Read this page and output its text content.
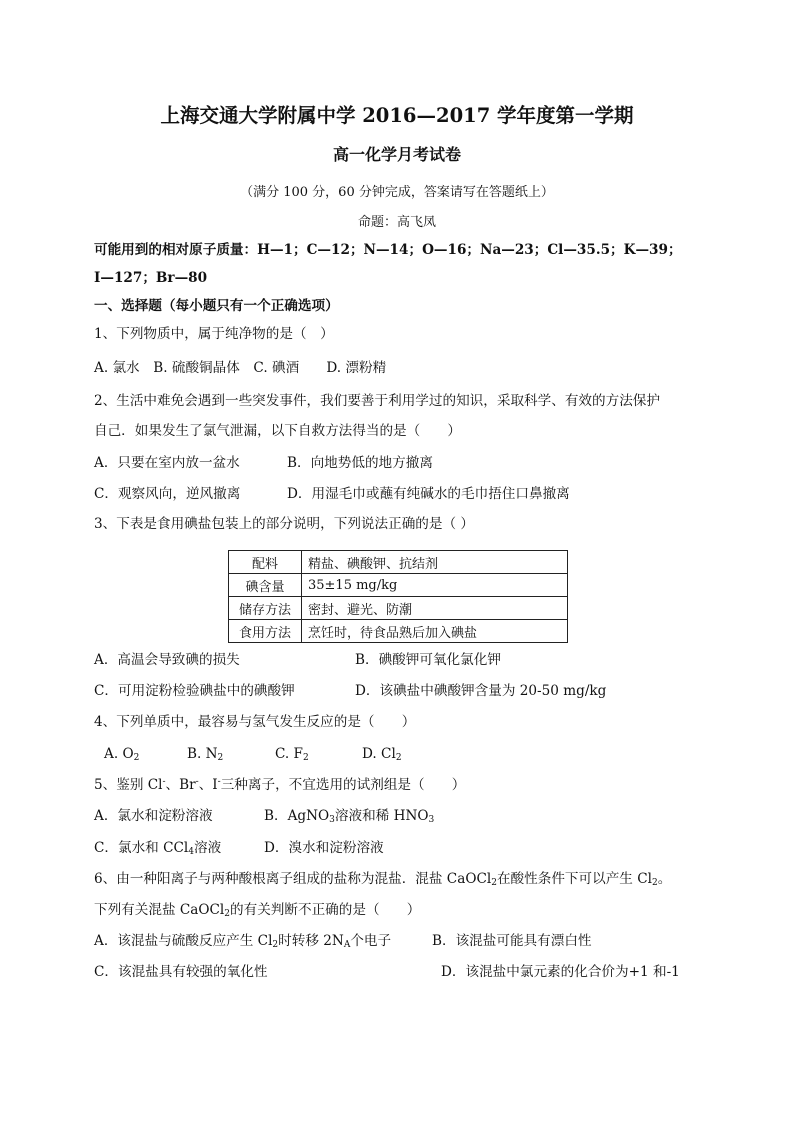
上海交通大学附属中学 2016—2017 学年度第一学期
高一化学月考试卷
（满分 100 分，60 分钟完成，答案请写在答题纸上）
命题：高飞凤
可能用到的相对原子质量：H—1；C—12；N—14；O—16；Na—23；Cl—35.5；K—39；
I—127；Br—80
一、选择题（每小题只有一个正确选项）
1、下列物质中，属于纯净物的是（　）
A. 氯水　B. 硫酸铜晶体　C. 碘酒　　D. 漂粉精
2、生活中难免会遇到一些突发事件，我们要善于利用学过的知识，采取科学、有效的方法保护
自己．如果发生了氯气泄漏，以下自救方法得当的是（　　）
A．只要在室内放一盆水	B．向地势低的地方撤离
C．观察风向，逆风撤离	D．用湿毛巾或蘸有纯碱水的毛巾捂住口鼻撤离
3、下表是食用碘盐包装上的部分说明，下列说法正确的是（ ）
配料	精盐、碘酸钾、抗结剂
碘含量	35±15 mg/kg
储存方法	密封、避光、防潮
食用方法	烹饪时，待食品熟后加入碘盐
A．高温会导致碘的损失	B．碘酸钾可氧化氯化钾
C．可用淀粉检验碘盐中的碘酸钾	D．该碘盐中碘酸钾含量为 20-50 mg/kg
4、下列单质中，最容易与氢气发生反应的是（　　）
A. $O_2$	B. $N_2$	C. $F_2$	D. $Cl_2$
5、鉴别 Cl-、Br-、I-三种离子，不宜选用的试剂组是（　　）
A．氯水和淀粉溶液	B．AgNO$_3$溶液和稀 $HNO_3$
C．氯水和 CCl$_4$溶液	D．溴水和淀粉溶液
6、由一种阳离子与两种酸根离子组成的盐称为混盐．混盐 CaOCl$_2$在酸性条件下可以产生 $Cl_2$。
下列有关混盐 CaOCl$_2$的有关判断不正确的是（　　）
A．该混盐与硫酸反应产生 $Cl_2$时转移 $2N_A$个电子	B．该混盐可能具有漂白性
C．该混盐具有较强的氧化性	D．该混盐中氯元素的化合价为+1 和-1
